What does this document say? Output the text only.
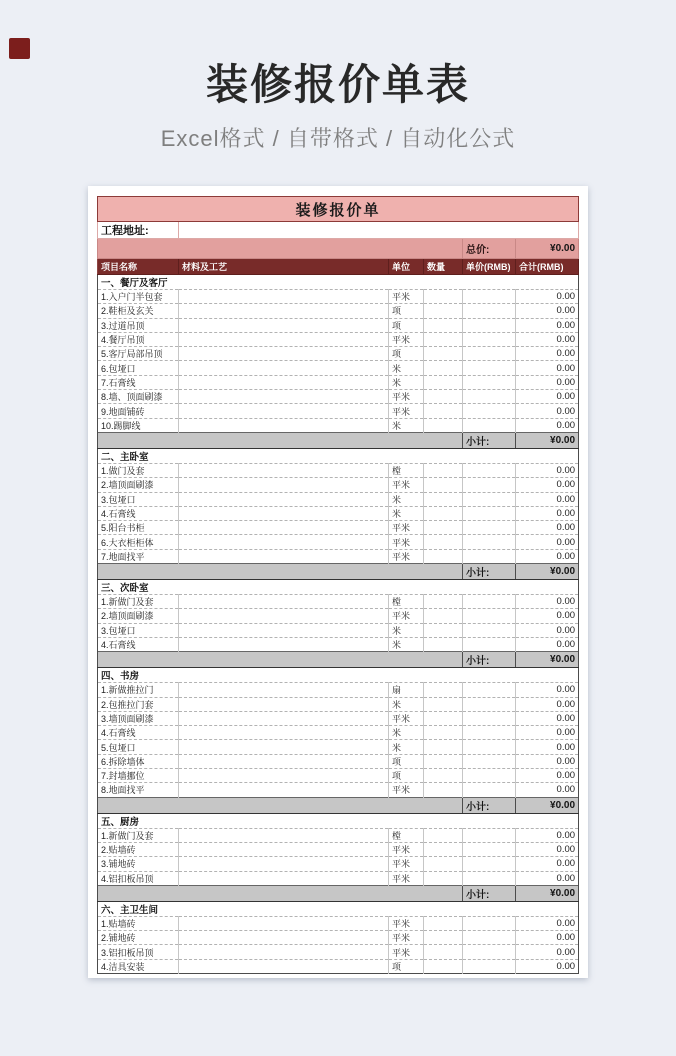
装修报价单表
Excel格式 / 自带格式 / 自动化公式
装修报价单					
工程地址:					
				总价:	¥0.00
项目名称	材料及工艺	单位	数量	单价(RMB)	合计(RMB)
一、餐厅及客厅					
1.入户门半包套		平米			0.00
2.鞋柜及玄关		项			0.00
3.过道吊顶		项			0.00
4.餐厅吊顶		平米			0.00
5.客厅局部吊顶		项			0.00
6.包垭口		米			0.00
7.石膏线		米			0.00
8.墙、顶面刷漆		平米			0.00
9.地面铺砖		平米			0.00
10.踢脚线		米			0.00
				小计:	¥0.00
二、主卧室					
1.做门及套		樘			0.00
2.墙顶面刷漆		平米			0.00
3.包垭口		米			0.00
4.石膏线		米			0.00
5.阳台书柜		平米			0.00
6.大衣柜柜体		平米			0.00
7.地面找平		平米			0.00
				小计:	¥0.00
三、次卧室					
1.新做门及套		樘			0.00
2.墙顶面刷漆		平米			0.00
3.包垭口		米			0.00
4.石膏线		米			0.00
				小计:	¥0.00
四、书房					
1.新做推拉门		扇			0.00
2.包推拉门套		米			0.00
3.墙顶面刷漆		平米			0.00
4.石膏线		米			0.00
5.包垭口		米			0.00
6.拆除墙体		项			0.00
7.封墙挪位		项			0.00
8.地面找平		平米			0.00
				小计:	¥0.00
五、厨房					
1.新做门及套		樘			0.00
2.贴墙砖		平米			0.00
3.铺地砖		平米			0.00
4.铝扣板吊顶		平米			0.00
				小计:	¥0.00
六、主卫生间					
1.贴墙砖		平米			0.00
2.铺地砖		平米			0.00
3.铝扣板吊顶		平米			0.00
4.洁具安装		项			0.00
